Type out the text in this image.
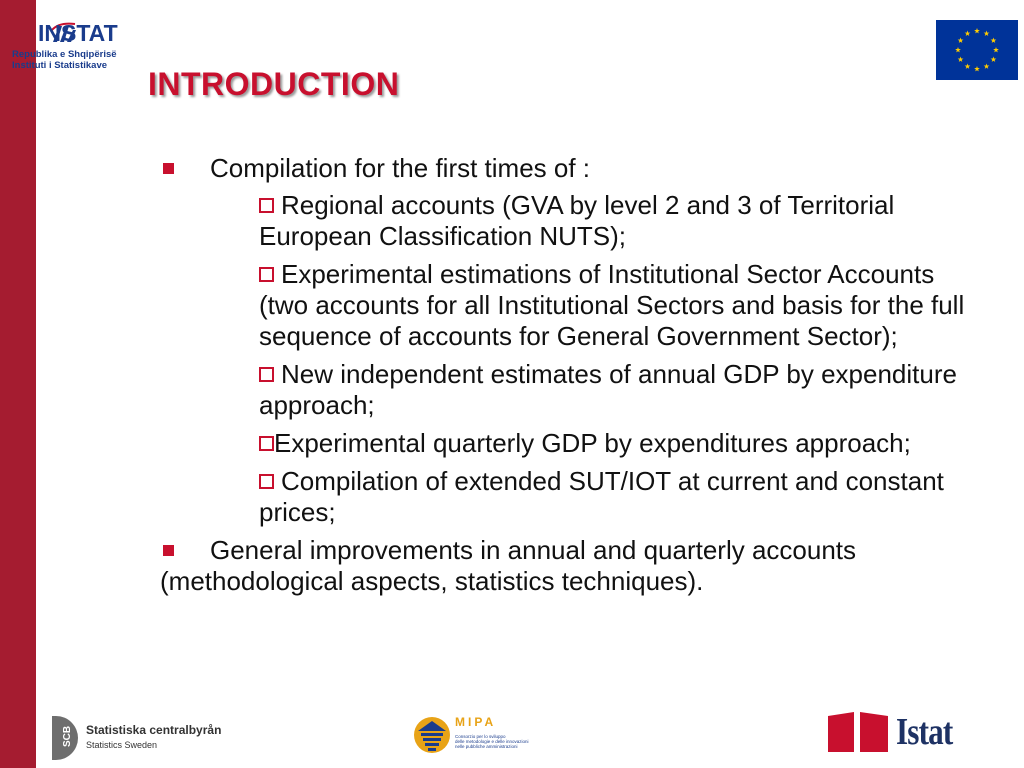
INSTAT
Republika e Shqipërisë
Instituti i Statistikave
INTRODUCTION
Compilation for the first times of :
Regional accounts (GVA by level 2 and 3 of Territorial European Classification NUTS);
Experimental estimations of Institutional Sector Accounts (two accounts for all Institutional Sectors and basis for the full sequence of accounts for General Government Sector);
New independent estimates of annual GDP by expenditure approach;
Experimental quarterly GDP by expenditures approach;
Compilation of extended SUT/IOT at current and constant prices;
General improvements in annual and quarterly accounts (methodological aspects, statistics techniques).
SCB Statistiska centralbyrån
Statistics Sweden
MIPA
Consorzio per lo sviluppo
delle metodologie e delle innovazioni
nelle pubbliche amministrazioni	Istat
